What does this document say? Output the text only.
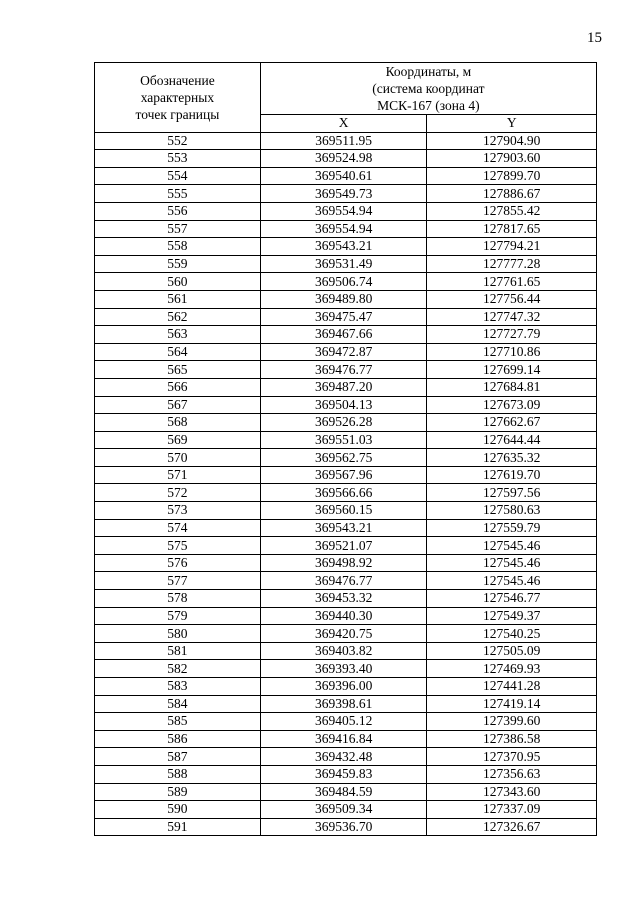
15
Обозначение
характерных
точек границы	Координаты, м
(система координат
МСК-167 (зона 4)	

	X	Y
552	369511.95	127904.90
553	369524.98	127903.60
554	369540.61	127899.70
555	369549.73	127886.67
556	369554.94	127855.42
557	369554.94	127817.65
558	369543.21	127794.21
559	369531.49	127777.28
560	369506.74	127761.65
561	369489.80	127756.44
562	369475.47	127747.32
563	369467.66	127727.79
564	369472.87	127710.86
565	369476.77	127699.14
566	369487.20	127684.81
567	369504.13	127673.09
568	369526.28	127662.67
569	369551.03	127644.44
570	369562.75	127635.32
571	369567.96	127619.70
572	369566.66	127597.56
573	369560.15	127580.63
574	369543.21	127559.79
575	369521.07	127545.46
576	369498.92	127545.46
577	369476.77	127545.46
578	369453.32	127546.77
579	369440.30	127549.37
580	369420.75	127540.25
581	369403.82	127505.09
582	369393.40	127469.93
583	369396.00	127441.28
584	369398.61	127419.14
585	369405.12	127399.60
586	369416.84	127386.58
587	369432.48	127370.95
588	369459.83	127356.63
589	369484.59	127343.60
590	369509.34	127337.09
591	369536.70	127326.67
